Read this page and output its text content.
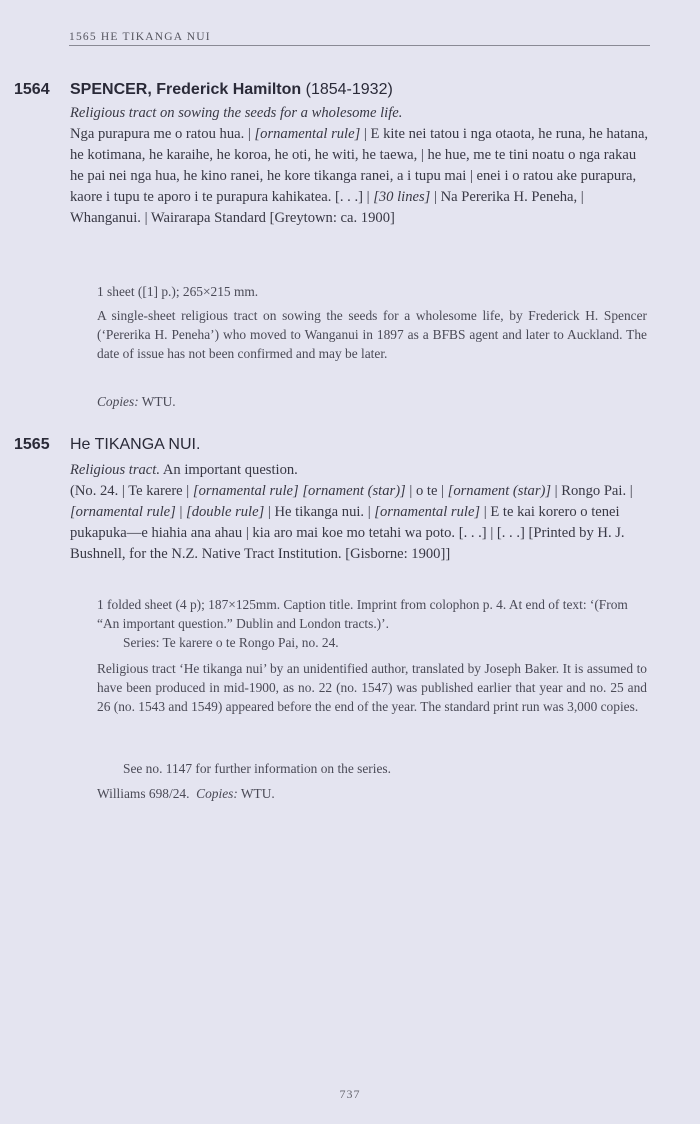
1565 HE TIKANGA NUI
1564 SPENCER, Frederick Hamilton (1854-1932)
Religious tract on sowing the seeds for a wholesome life.
Nga purapura me o ratou hua. | [ornamental rule] | E kite nei tatou i nga otaota, he runa, he hatana, he kotimana, he karaihe, he koroa, he oti, he witi, he taewa, | he hue, me te tini noatu o nga rakau he pai nei nga hua, he kino ranei, he kore tikanga ranei, a i tupu mai | enei i o ratou ake purapura, kaore i tupu te aporo i te purapura kahikatea. [. . .] | [30 lines] | Na Pererika H. Peneha, | Whanganui. | Wairarapa Standard [Greytown: ca. 1900]
1 sheet ([1] p.); 265×215 mm.
A single-sheet religious tract on sowing the seeds for a wholesome life, by Frederick H. Spencer (‘Pererika H. Peneha’) who moved to Wanganui in 1897 as a BFBS agent and later to Auckland. The date of issue has not been confirmed and may be later.
Copies: WTU.
1565 He TIKANGA NUI.
Religious tract. An important question.
(No. 24. | Te karere | [ornamental rule] [ornament (star)] | o te | [ornament (star)] | Rongo Pai. | [ornamental rule] | [double rule] | He tikanga nui. | [ornamental rule] | E te kai korero o tenei pukapuka—e hiahia ana ahau | kia aro mai koe mo tetahi wa poto. [. . .] | [. . .] [Printed by H. J. Bushnell, for the N.Z. Native Tract Institution. [Gisborne: 1900]]
1 folded sheet (4 p); 187×125mm. Caption title. Imprint from colophon p. 4. At end of text: ‘(From “An important question.” Dublin and London tracts.)’.
Series: Te karere o te Rongo Pai, no. 24.
Religious tract ‘He tikanga nui’ by an unidentified author, translated by Joseph Baker. It is assumed to have been produced in mid-1900, as no. 22 (no. 1547) was published earlier that year and no. 25 and 26 (no. 1543 and 1549) appeared before the end of the year. The standard print run was 3,000 copies.
See no. 1147 for further information on the series.
Williams 698/24. Copies: WTU.
737
